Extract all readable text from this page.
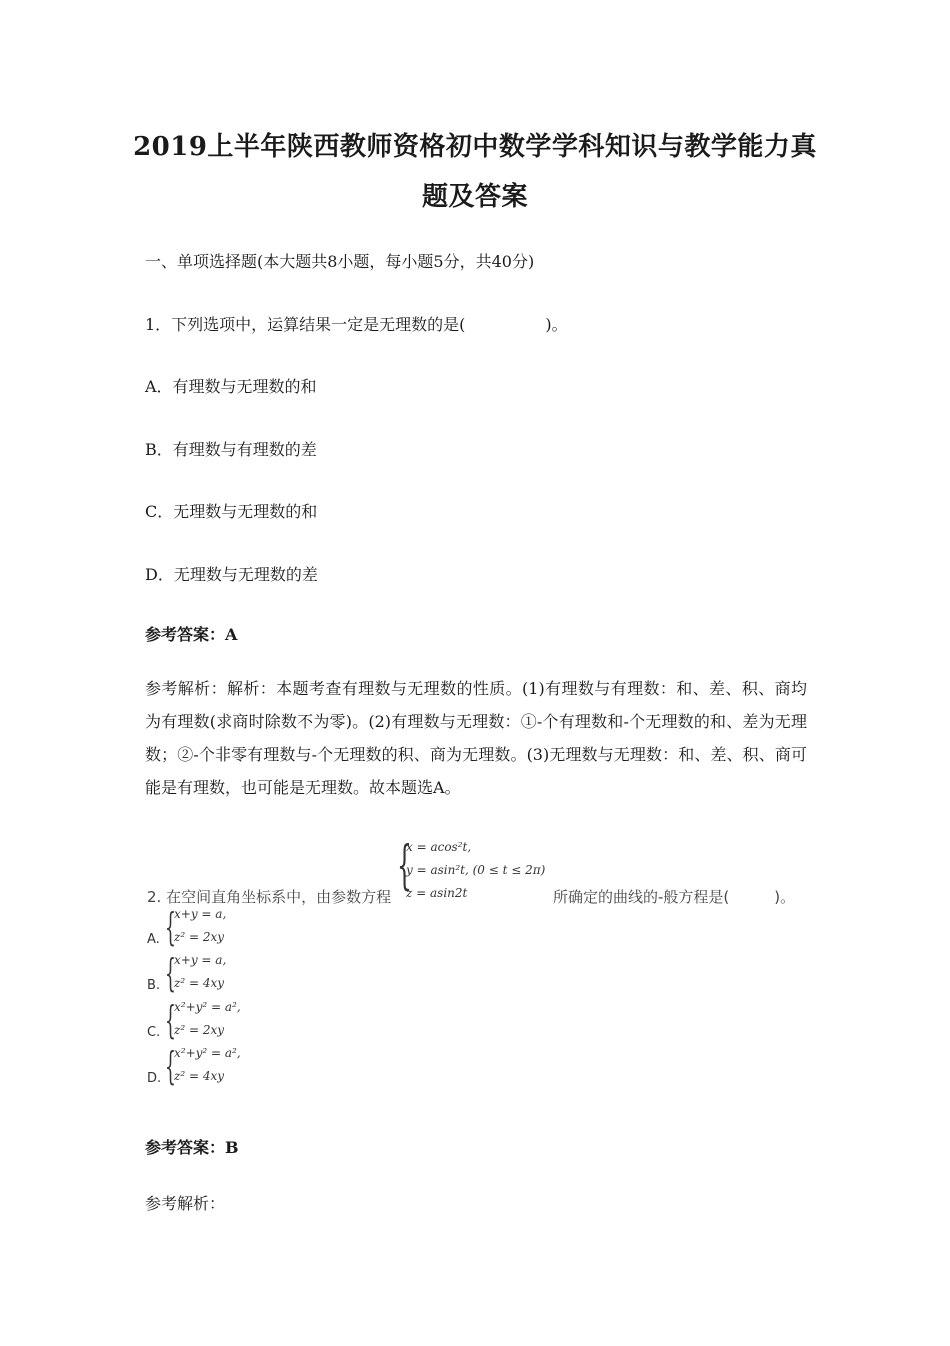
2019上半年陕西教师资格初中数学学科知识与教学能力真
题及答案
一、单项选择题(本大题共8小题，每小题5分，共40分)
1．下列选项中，运算结果一定是无理数的是(　　　　　)。
A．有理数与无理数的和
B．有理数与有理数的差
C．无理数与无理数的和
D．无理数与无理数的差
参考答案：A
参考解析：解析：本题考查有理数与无理数的性质。(1)有理数与有理数：和、差、积、商均为有理数(求商时除数不为零)。(2)有理数与无理数：①-个有理数和-个无理数的和、差为无理数；②-个非零有理数与-个无理数的积、商为无理数。(3)无理数与无理数：和、差、积、商可能是有理数，也可能是无理数。故本题选A。
2. 在空间直角坐标系中，由参数方程
{
x = acos²t,
y = asin²t, (0 ≤ t ≤ 2π)
z = asin2t	所确定的曲线的-般方程是(　　　)。
A. {
x+y = a,
z² = 2xy
B. {
x+y = a,
z² = 4xy
C. {
x²+y² = a²,
z² = 2xy
D. {
x²+y² = a²,
z² = 4xy
参考答案：B
参考解析：
